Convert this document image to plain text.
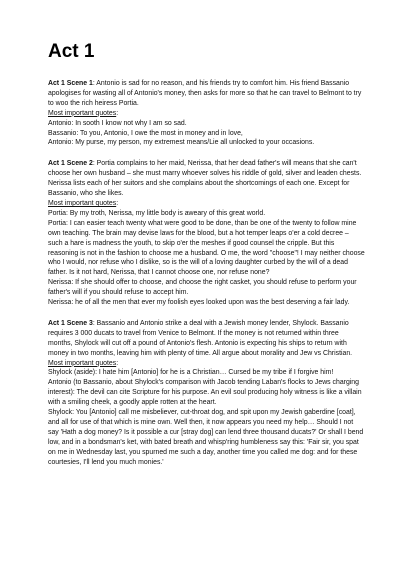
Act 1

Act 1 Scene 1: Antonio is sad for no reason, and his friends try to comfort him. His friend Bassanio apologises for wasting all of Antonio's money, then asks for more so that he can travel to Belmont to try to woo the rich heiress Portia.

Most important quotes:

Antonio: In sooth I know not why I am so sad.

Bassanio: To you, Antonio, I owe the most in money and in love,

Antonio: My purse, my person, my extremest means/Lie all unlocked to your occasions.

Act 1 Scene 2: Portia complains to her maid, Nerissa, that her dead father's will means that she can't choose her own husband – she must marry whoever solves his riddle of gold, silver and leaden chests. Nerissa lists each of her suitors and she complains about the shortcomings of each one. Except for Bassanio, who she likes.

Most important quotes:

Portia: By my troth, Nerissa, my little body is aweary of this great world.

Portia: I can easier teach twenty what were good to be done, than be one of the twenty to follow mine own teaching. The brain may devise laws for the blood, but a hot temper leaps o'er a cold decree – such a hare is madness the youth, to skip o'er the meshes if good counsel the cripple. But this reasoning is not in the fashion to choose me a husband. O me, the word "choose"! I may neither choose who I would, nor refuse who I dislike, so is the will of a loving daughter curbed by the will of a dead father. Is it not hard, Nerissa, that I cannot choose one, nor refuse none?

Nerissa: If she should offer to choose, and choose the right casket, you should refuse to perform your father's will if you should refuse to accept him.

Nerissa: he of all the men that ever my foolish eyes looked upon was the best deserving a fair lady.

Act 1 Scene 3: Bassanio and Antonio strike a deal with a Jewish money lender, Shylock. Bassanio requires 3 000 ducats to travel from Venice to Belmont. If the money is not returned within three months, Shylock will cut off a pound of Antonio's flesh. Antonio is expecting his ships to return with money in two months, leaving him with plenty of time. All argue about morality and Jew vs Christian.

Most important quotes:

Shylock (aside): I hate him [Antonio] for he is a Christian… Cursed be my tribe if I forgive him!

Antonio (to Bassanio, about Shylock's comparison with Jacob tending Laban's flocks to Jews charging interest): The devil can cite Scripture for his purpose. An evil soul producing holy witness is like a villain with a smiling cheek, a goodly apple rotten at the heart.

Shylock: You [Antonio] call me misbeliever, cut-throat dog, and spit upon my Jewish gaberdine [coat], and all for use of that which is mine own. Well then, it now appears you need my help… Should I not say 'Hath a dog money? Is it possible a cur [stray dog] can lend three thousand ducats?' Or shall I bend low, and in a bondsman's ket, with bated breath and whisp'ring humbleness say this: 'Fair sir, you spat on me in Wednesday last, you spurned me such a day, another time you called me dog: and for these courtesies, I'll lend you much monies.'
